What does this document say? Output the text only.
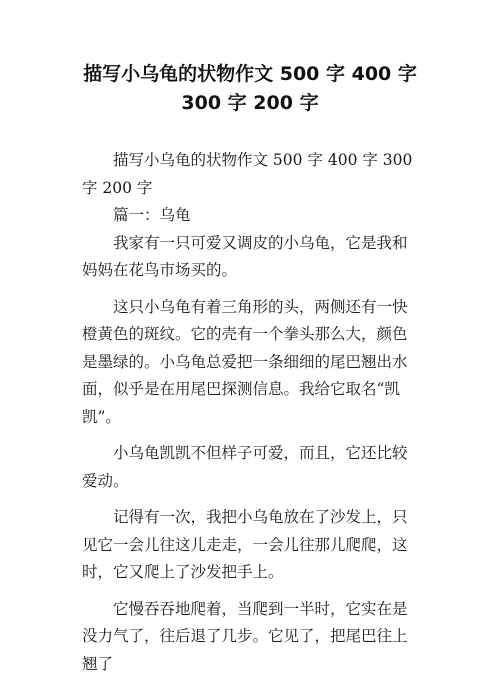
描写小乌龟的状物作文 500 字 400 字
300 字 200 字

描写小乌龟的状物作文 500 字 400 字 300 字 200 字

篇一：乌龟

我家有一只可爱又调皮的小乌龟，它是我和妈妈在花鸟市场买的。

这只小乌龟有着三角形的头，两侧还有一快橙黄色的斑纹。它的壳有一个拳头那么大，颜色是墨绿的。小乌龟总爱把一条细细的尾巴翘出水面，似乎是在用尾巴探测信息。我给它取名“凯凯”。

小乌龟凯凯不但样子可爱，而且，它还比较爱动。

记得有一次，我把小乌龟放在了沙发上，只见它一会儿往这儿走走，一会儿往那儿爬爬，这时，它又爬上了沙发把手上。

它慢吞吞地爬着，当爬到一半时，它实在是没力气了，往后退了几步。它见了，把尾巴往上翘了
